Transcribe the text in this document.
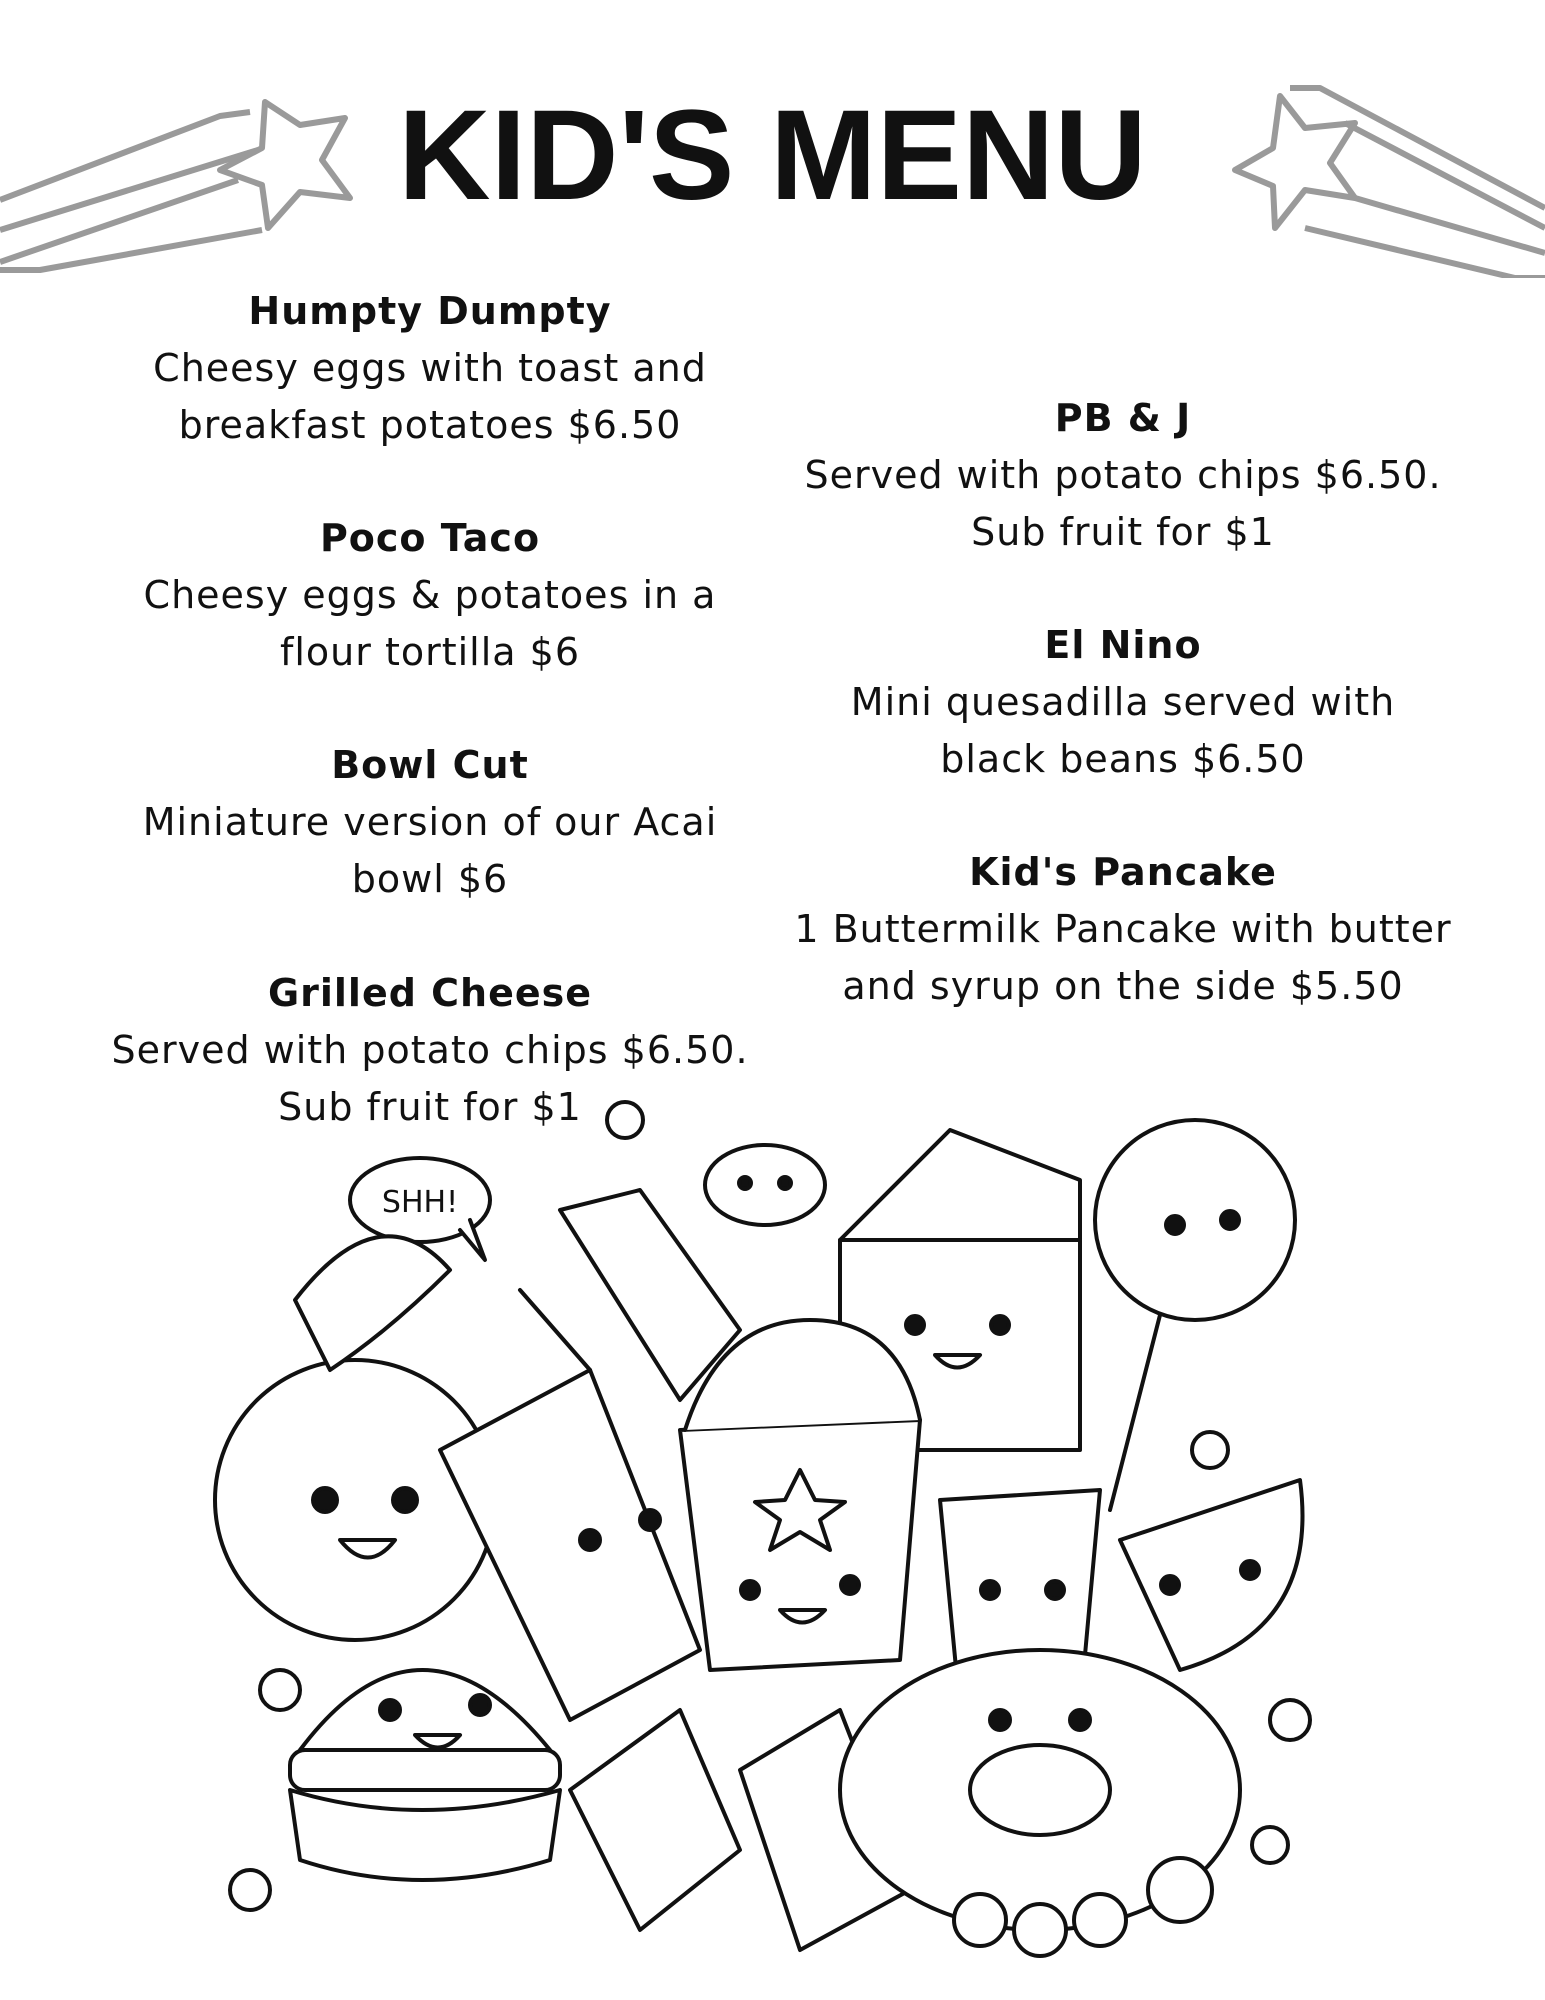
KID'S MENU
Humpty Dumpty
Cheesy eggs with toast and
breakfast potatoes $6.50
Poco Taco
Cheesy eggs & potatoes in a
flour tortilla $6
Bowl Cut
Miniature version of our Acai
bowl $6
Grilled Cheese
Served with potato chips $6.50.
Sub fruit for $1
PB & J
Served with potato chips $6.50.
Sub fruit for $1
El Nino
Mini quesadilla served with
black beans $6.50
Kid's Pancake
1 Buttermilk Pancake with butter
and syrup on the side $5.50
SHH!
